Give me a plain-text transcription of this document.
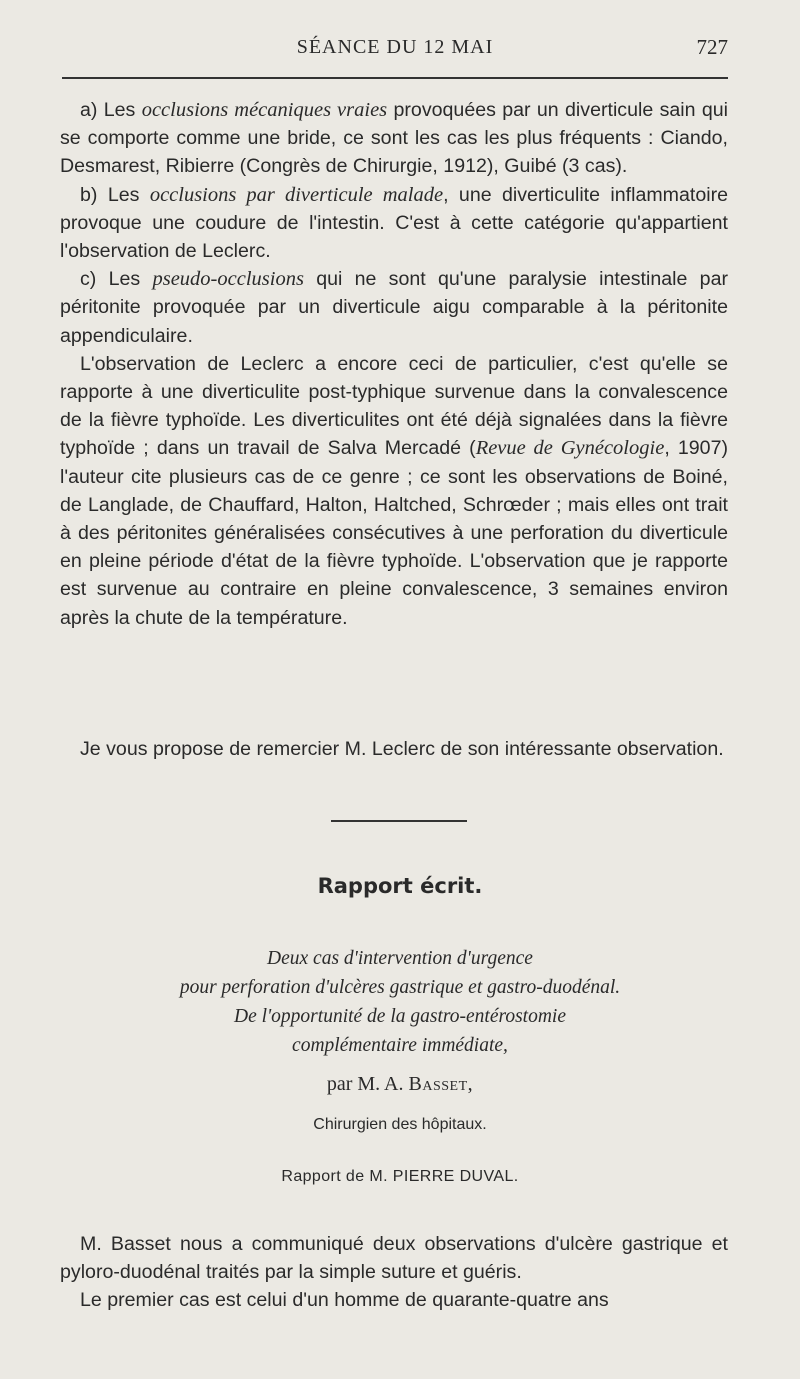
SÉANCE DU 12 MAI	727

a) Les occlusions mécaniques vraies provoquées par un diverticule sain qui se comporte comme une bride, ce sont les cas les plus fréquents : Ciando, Desmarest, Ribierre (Congrès de Chirurgie, 1912), Guibé (3 cas).

b) Les occlusions par diverticule malade, une diverticulite inflammatoire provoque une coudure de l'intestin. C'est à cette catégorie qu'appartient l'observation de Leclerc.

c) Les pseudo-occlusions qui ne sont qu'une paralysie intestinale par péritonite provoquée par un diverticule aigu comparable à la péritonite appendiculaire.

L'observation de Leclerc a encore ceci de particulier, c'est qu'elle se rapporte à une diverticulite post-typhique survenue dans la convalescence de la fièvre typhoïde. Les diverticulites ont été déjà signalées dans la fièvre typhoïde ; dans un travail de Salva Mercadé (Revue de Gynécologie, 1907) l'auteur cite plusieurs cas de ce genre ; ce sont les observations de Boiné, de Langlade, de Chauffard, Halton, Haltched, Schrœder ; mais elles ont trait à des péritonites généralisées consécutives à une perforation du diverticule en pleine période d'état de la fièvre typhoïde. L'observation que je rapporte est survenue au contraire en pleine convalescence, 3 semaines environ après la chute de la température.

Je vous propose de remercier M. Leclerc de son intéressante observation.

Rapport écrit.
Deux cas d'intervention d'urgence
pour perforation d'ulcères gastrique et gastro-duodénal.
De l'opportunité de la gastro-entérostomie
complémentaire immédiate,
par M. A. Basset,
Chirurgien des hôpitaux.
Rapport de M. PIERRE DUVAL.

M. Basset nous a communiqué deux observations d'ulcère gastrique et pyloro-duodénal traités par la simple suture et guéris.

Le premier cas est celui d'un homme de quarante-quatre ans
